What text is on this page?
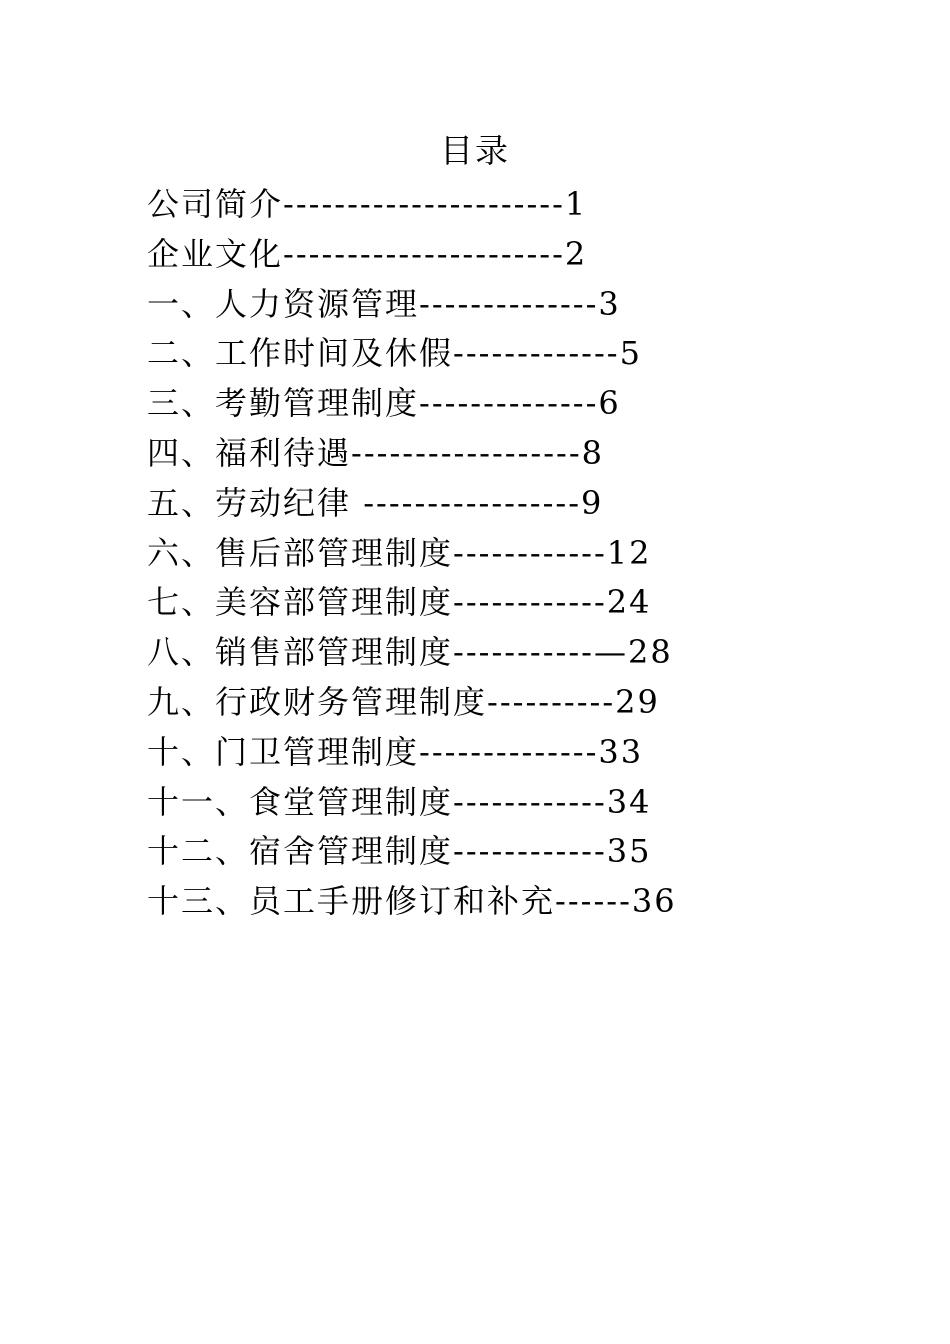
目录
公司简介----------------------1
企业文化----------------------2
一、人力资源管理--------------3
二、工作时间及休假-------------5
三、考勤管理制度--------------6
四、福利待遇------------------8
五、劳动纪律 -----------------9
六、售后部管理制度------------12
七、美容部管理制度------------24
八、销售部管理制度-----------—28
九、行政财务管理制度----------29
十、门卫管理制度--------------33
十一、食堂管理制度------------34
十二、宿舍管理制度------------35
十三、员工手册修订和补充------36
